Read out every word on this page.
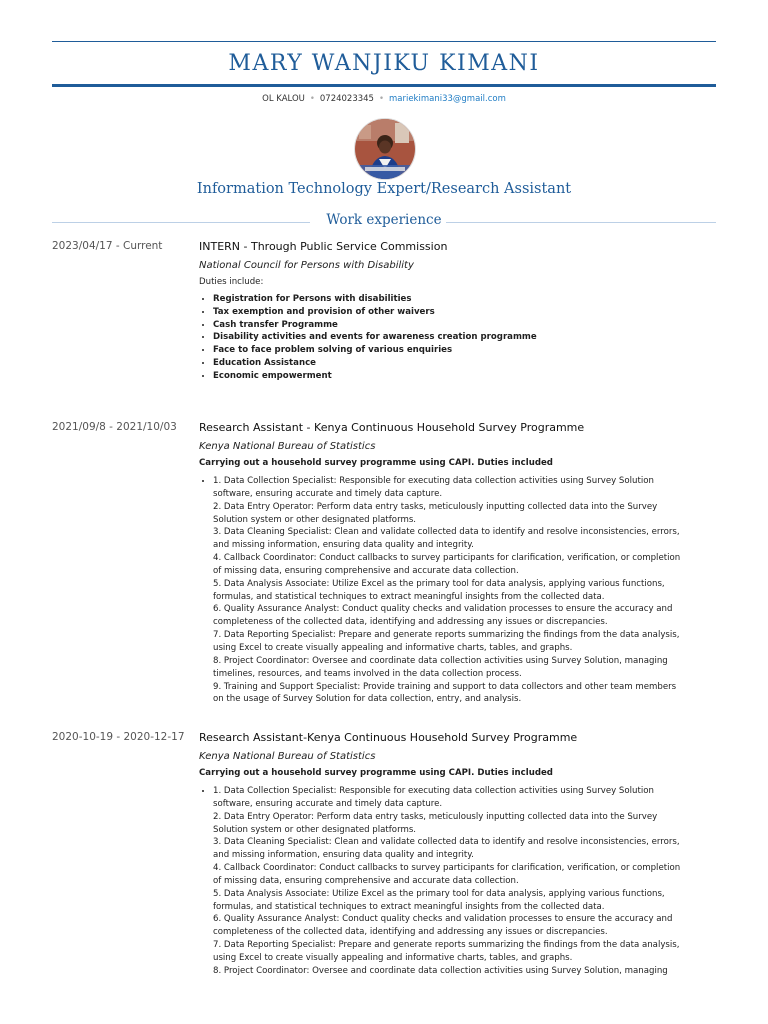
MARY WANJIKU KIMANI
OL KALOU • 0724023345 • mariekimani33@gmail.com
Information Technology Expert/Research Assistant
Work experience
2023/04/17 - Current	INTERN - Through Public Service Commission
National Council for Persons with Disability
Duties include:
• Registration for Persons with disabilities
• Tax exemption and provision of other waivers
• Cash transfer Programme
• Disability activities and events for awareness creation programme
• Face to face problem solving of various enquiries
• Education Assistance
• Economic empowerment
2021/09/8 - 2021/10/03 Research Assistant - Kenya Continuous Household Survey Programme
Kenya National Bureau of Statistics
Carrying out a household survey programme using CAPI. Duties included
• 1. Data Collection Specialist: Responsible for executing data collection activities using Survey Solution
software, ensuring accurate and timely data capture.
2. Data Entry Operator: Perform data entry tasks, meticulously inputting collected data into the Survey
Solution system or other designated platforms.
3. Data Cleaning Specialist: Clean and validate collected data to identify and resolve inconsistencies, errors,
and missing information, ensuring data quality and integrity.
4. Callback Coordinator: Conduct callbacks to survey participants for clarification, verification, or completion
of missing data, ensuring comprehensive and accurate data collection.
5. Data Analysis Associate: Utilize Excel as the primary tool for data analysis, applying various functions,
formulas, and statistical techniques to extract meaningful insights from the collected data.
6. Quality Assurance Analyst: Conduct quality checks and validation processes to ensure the accuracy and
completeness of the collected data, identifying and addressing any issues or discrepancies.
7. Data Reporting Specialist: Prepare and generate reports summarizing the findings from the data analysis,
using Excel to create visually appealing and informative charts, tables, and graphs.
8. Project Coordinator: Oversee and coordinate data collection activities using Survey Solution, managing
timelines, resources, and teams involved in the data collection process.
9. Training and Support Specialist: Provide training and support to data collectors and other team members
on the usage of Survey Solution for data collection, entry, and analysis.
2020-10-19 - 2020-12-17 Research Assistant-Kenya Continuous Household Survey Programme
Kenya National Bureau of Statistics
Carrying out a household survey programme using CAPI. Duties included
• 1. Data Collection Specialist: Responsible for executing data collection activities using Survey Solution
software, ensuring accurate and timely data capture.
2. Data Entry Operator: Perform data entry tasks, meticulously inputting collected data into the Survey
Solution system or other designated platforms.
3. Data Cleaning Specialist: Clean and validate collected data to identify and resolve inconsistencies, errors,
and missing information, ensuring data quality and integrity.
4. Callback Coordinator: Conduct callbacks to survey participants for clarification, verification, or completion
of missing data, ensuring comprehensive and accurate data collection.
5. Data Analysis Associate: Utilize Excel as the primary tool for data analysis, applying various functions,
formulas, and statistical techniques to extract meaningful insights from the collected data.
6. Quality Assurance Analyst: Conduct quality checks and validation processes to ensure the accuracy and
completeness of the collected data, identifying and addressing any issues or discrepancies.
7. Data Reporting Specialist: Prepare and generate reports summarizing the findings from the data analysis,
using Excel to create visually appealing and informative charts, tables, and graphs.
8. Project Coordinator: Oversee and coordinate data collection activities using Survey Solution, managing
